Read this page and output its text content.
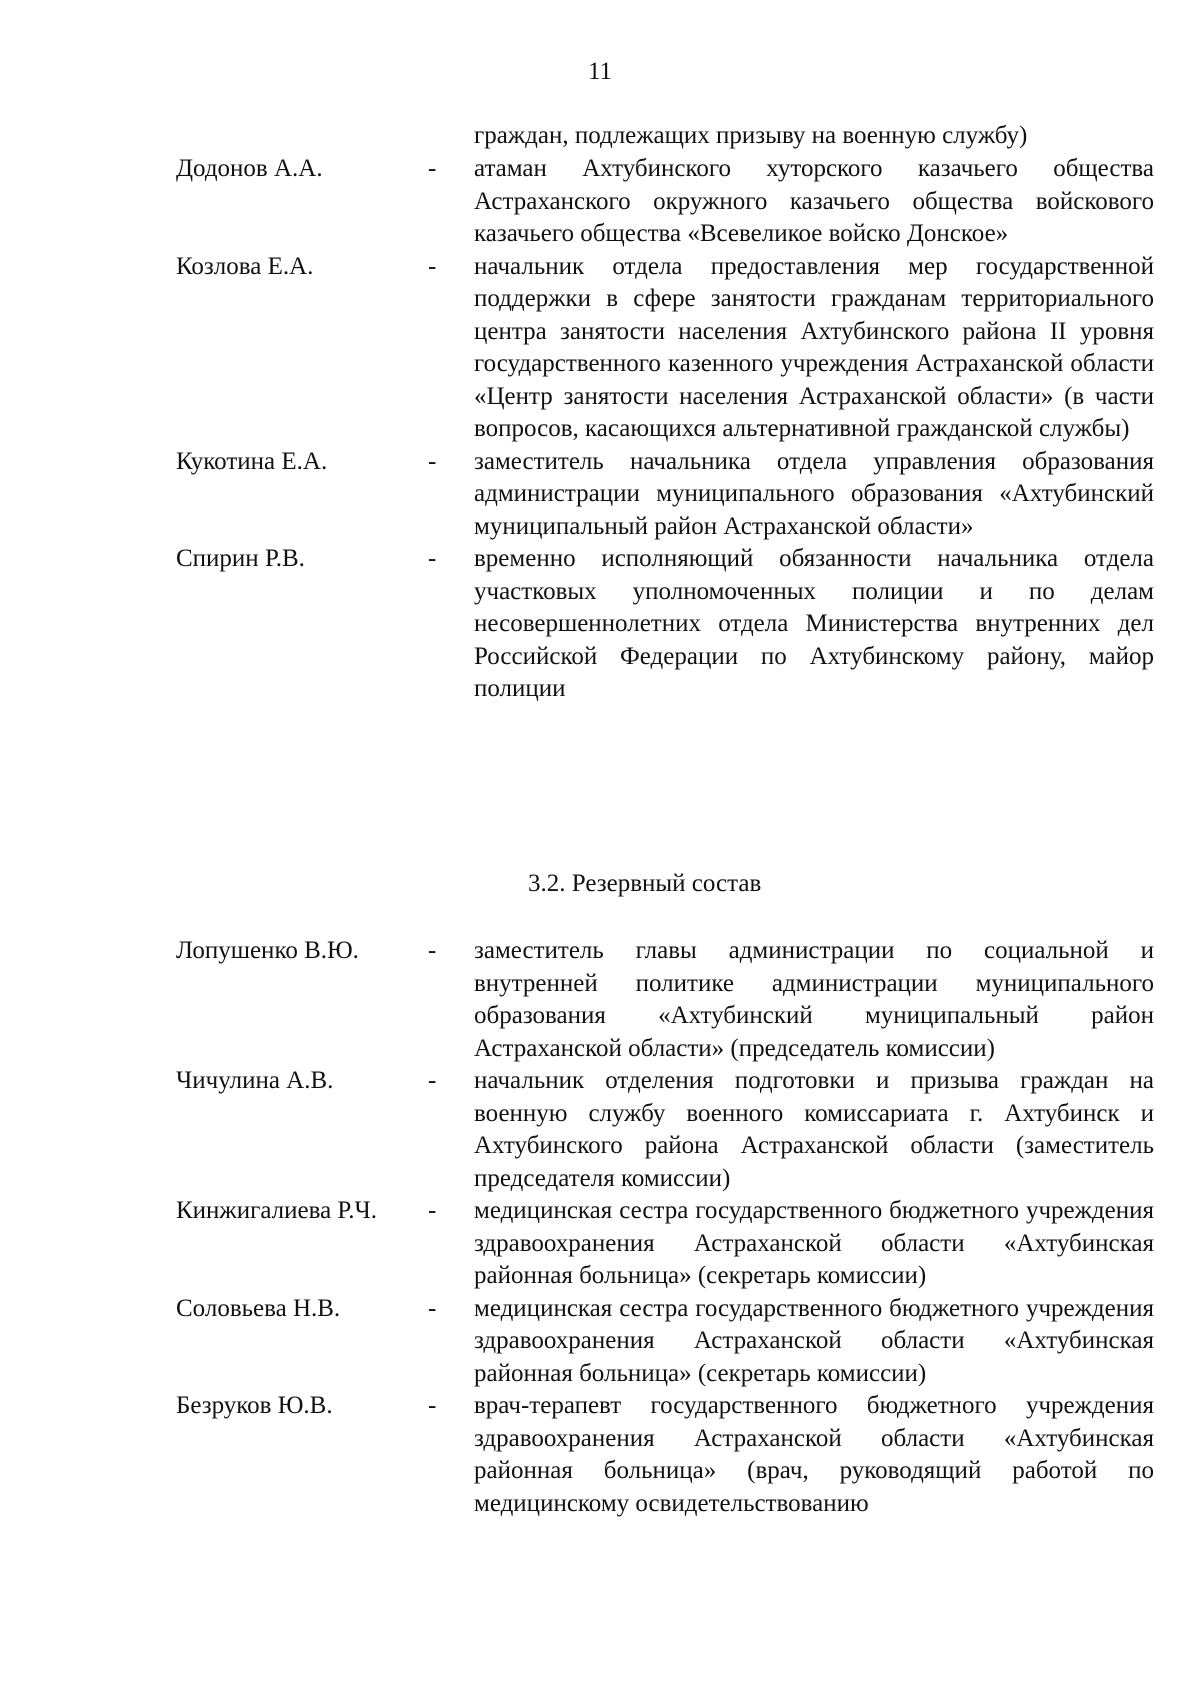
11
граждан, подлежащих призыву на военную службу)
Додонов А.А.	-	атаман Ахтубинского хуторского казачьего общества Астраханского окружного казачьего общества войскового казачьего общества «Всевеликое войско Донское»
Козлова Е.А.	-	начальник отдела предоставления мер государственной поддержки в сфере занятости гражданам территориального центра занятости населения Ахтубинского района II уровня государственного казенного учреждения Астраханской области «Центр занятости населения Астраханской области» (в части вопросов, касающихся альтернативной гражданской службы)
Кукотина Е.А.	-	заместитель начальника отдела управления образования администрации муниципального образования «Ахтубинский муниципальный район Астраханской области»
Спирин Р.В.	-	временно исполняющий обязанности начальника отдела участковых уполномоченных полиции и по делам несовершеннолетних отдела Министерства внутренних дел Российской Федерации по Ахтубинскому району, майор полиции
3.2. Резервный состав
Лопушенко В.Ю.	-	заместитель главы администрации по социальной и внутренней политике администрации муниципального образования «Ахтубинский муниципальный район Астраханской области» (председатель комиссии)
Чичулина А.В.	-	начальник отделения подготовки и призыва граждан на военную службу военного комиссариата г. Ахтубинск и Ахтубинского района Астраханской области (заместитель председателя комиссии)
Кинжигалиева Р.Ч.	-	медицинская сестра государственного бюджетного учреждения здравоохранения Астраханской области «Ахтубинская районная больница» (секретарь комиссии)
Соловьева Н.В.	-	медицинская сестра государственного бюджетного учреждения здравоохранения Астраханской области «Ахтубинская районная больница» (секретарь комиссии)
Безруков Ю.В.	-	врач-терапевт государственного бюджетного учреждения здравоохранения Астраханской области «Ахтубинская районная больница» (врач, руководящий работой по медицинскому освидетельствованию
